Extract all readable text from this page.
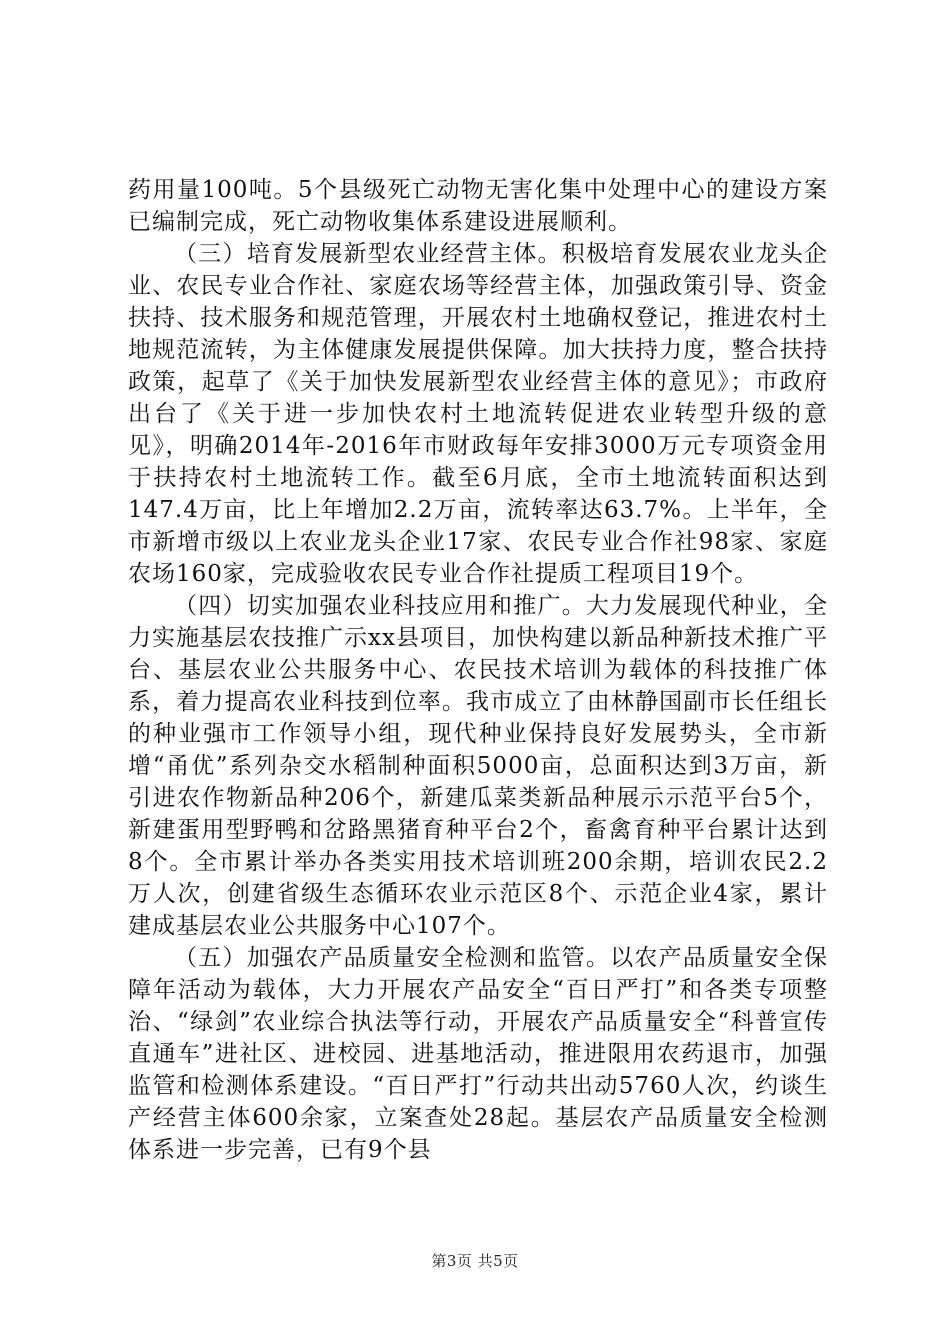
药用量100吨。5个县级死亡动物无害化集中处理中心的建设方案已编制完成，死亡动物收集体系建设进展顺利。

（三）培育发展新型农业经营主体。积极培育发展农业龙头企业、农民专业合作社、家庭农场等经营主体，加强政策引导、资金扶持、技术服务和规范管理，开展农村土地确权登记，推进农村土地规范流转，为主体健康发展提供保障。加大扶持力度，整合扶持政策，起草了《关于加快发展新型农业经营主体的意见》；市政府出台了《关于进一步加快农村土地流转促进农业转型升级的意见》，明确2014年-2016年市财政每年安排3000万元专项资金用于扶持农村土地流转工作。截至6月底，全市土地流转面积达到147.4万亩，比上年增加2.2万亩，流转率达63.7%。上半年，全市新增市级以上农业龙头企业17家、农民专业合作社98家、家庭农场160家，完成验收农民专业合作社提质工程项目19个。

（四）切实加强农业科技应用和推广。大力发展现代种业，全力实施基层农技推广示xx县项目，加快构建以新品种新技术推广平台、基层农业公共服务中心、农民技术培训为载体的科技推广体系，着力提高农业科技到位率。我市成立了由林静国副市长任组长的种业强市工作领导小组，现代种业保持良好发展势头，全市新增“甬优”系列杂交水稻制种面积5000亩，总面积达到3万亩，新引进农作物新品种206个，新建瓜菜类新品种展示示范平台5个，新建蛋用型野鸭和岔路黑猪育种平台2个，畜禽育种平台累计达到8个。全市累计举办各类实用技术培训班200余期，培训农民2.2万人次，创建省级生态循环农业示范区8个、示范企业4家，累计建成基层农业公共服务中心107个。

（五）加强农产品质量安全检测和监管。以农产品质量安全保障年活动为载体，大力开展农产品安全“百日严打”和各类专项整治、“绿剑”农业综合执法等行动，开展农产品质量安全“科普宣传直通车”进社区、进校园、进基地活动，推进限用农药退市，加强监管和检测体系建设。“百日严打”行动共出动5760人次，约谈生产经营主体600余家，立案查处28起。基层农产品质量安全检测体系进一步完善，已有9个县

第3页 共5页
